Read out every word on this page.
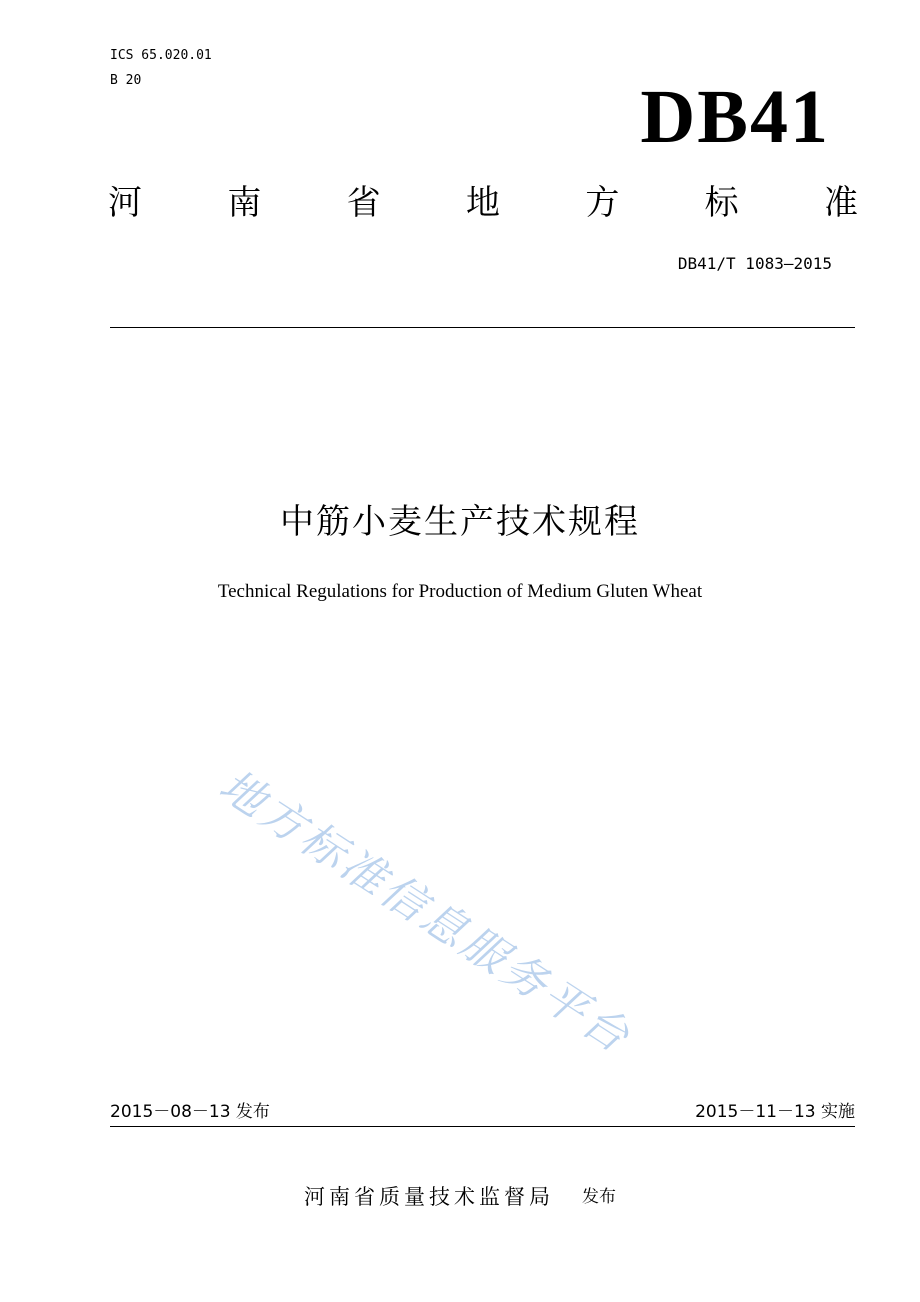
ICS 65.020.01
B 20	DB41
河	南	省	地	方	标	准
DB41/T 1083—2015
中筋小麦生产技术规程
Technical Regulations for Production of Medium Gluten Wheat
地方标准信息服务平台
2015－08－13 发布	2015－11－13 实施
河南省质量技术监督局 发布
